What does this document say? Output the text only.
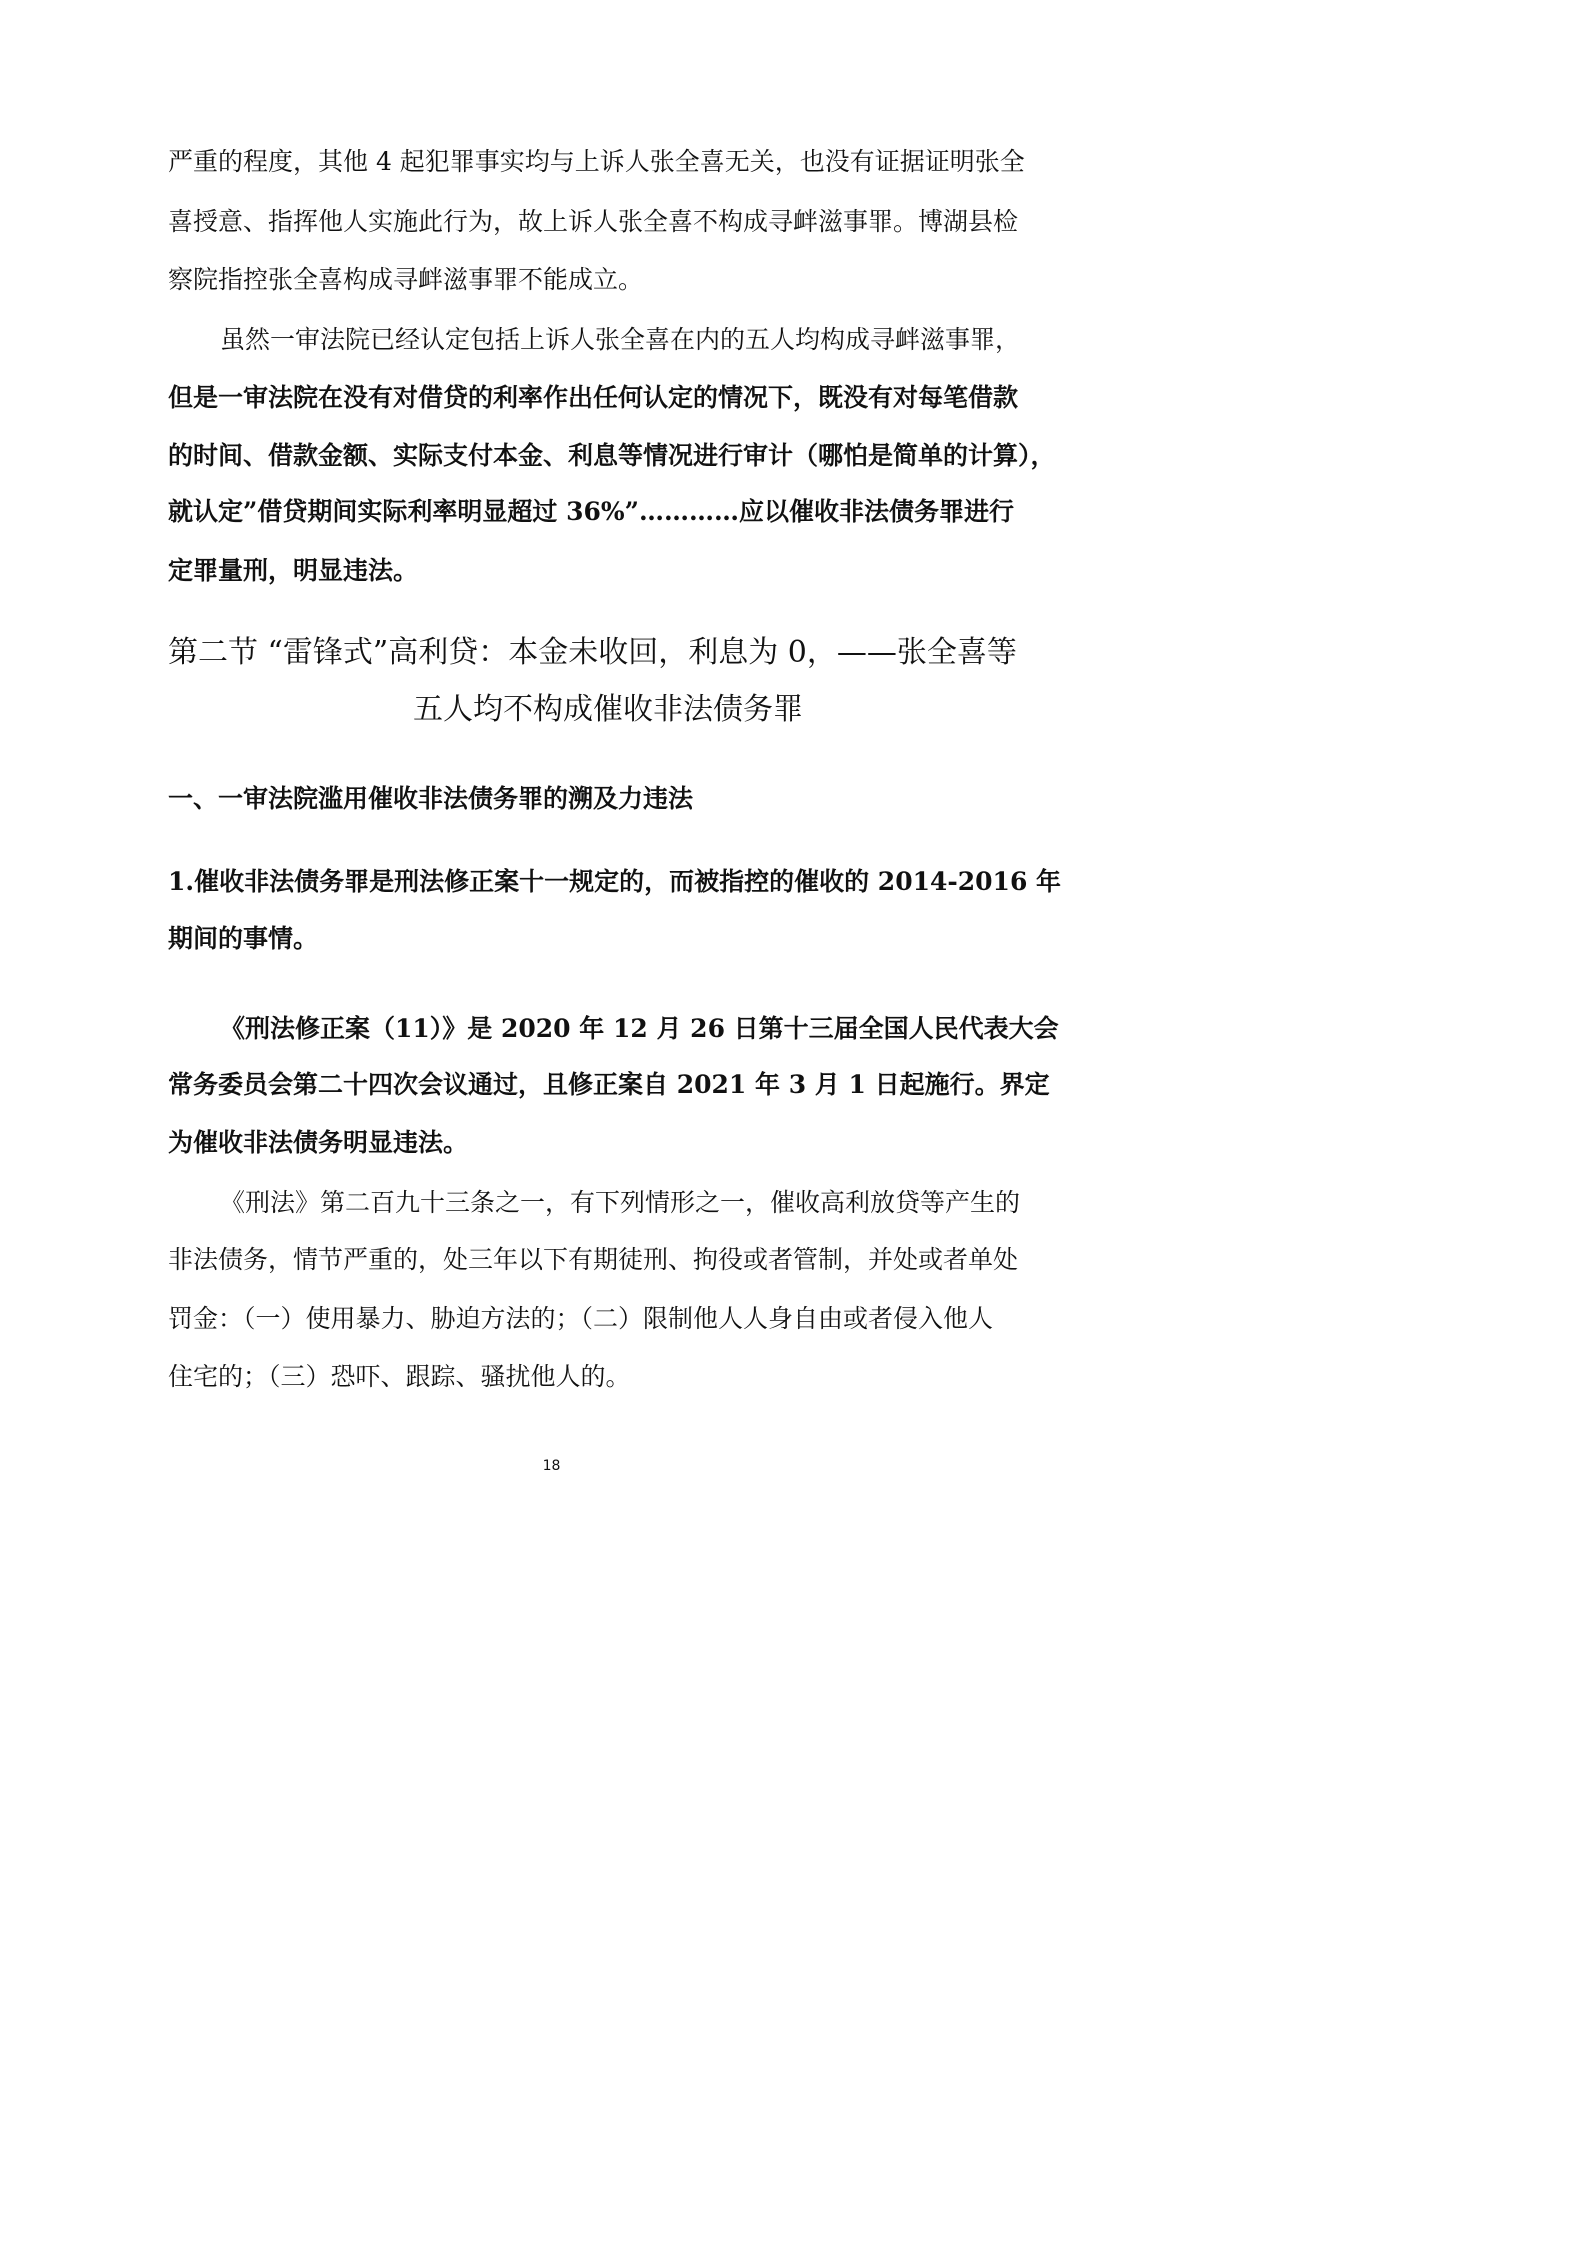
严重的程度，其他 4 起犯罪事实均与上诉人张全喜无关，也没有证据证明张全
喜授意、指挥他人实施此行为，故上诉人张全喜不构成寻衅滋事罪。博湖县检
察院指控张全喜构成寻衅滋事罪不能成立。
虽然一审法院已经认定包括上诉人张全喜在内的五人均构成寻衅滋事罪，
但是一审法院在没有对借贷的利率作出任何认定的情况下，既没有对每笔借款
的时间、借款金额、实际支付本金、利息等情况进行审计（哪怕是简单的计算），
就认定”借贷期间实际利率明显超过 36%”…………应以催收非法债务罪进行
定罪量刑，明显违法。
第二节 “雷锋式”高利贷：本金未收回，利息为 0，——张全喜等
五人均不构成催收非法债务罪
一、一审法院滥用催收非法债务罪的溯及力违法
1.催收非法债务罪是刑法修正案十一规定的，而被指控的催收的 2014-2016 年
期间的事情。
《刑法修正案（11）》是 2020 年 12 月 26 日第十三届全国人民代表大会
常务委员会第二十四次会议通过，且修正案自 2021 年 3 月 1 日起施行。界定
为催收非法债务明显违法。
《刑法》第二百九十三条之一，有下列情形之一，催收高利放贷等产生的
非法债务，情节严重的，处三年以下有期徒刑、拘役或者管制，并处或者单处
罚金：（一）使用暴力、胁迫方法的；（二）限制他人人身自由或者侵入他人
住宅的；（三）恐吓、跟踪、骚扰他人的。
18
